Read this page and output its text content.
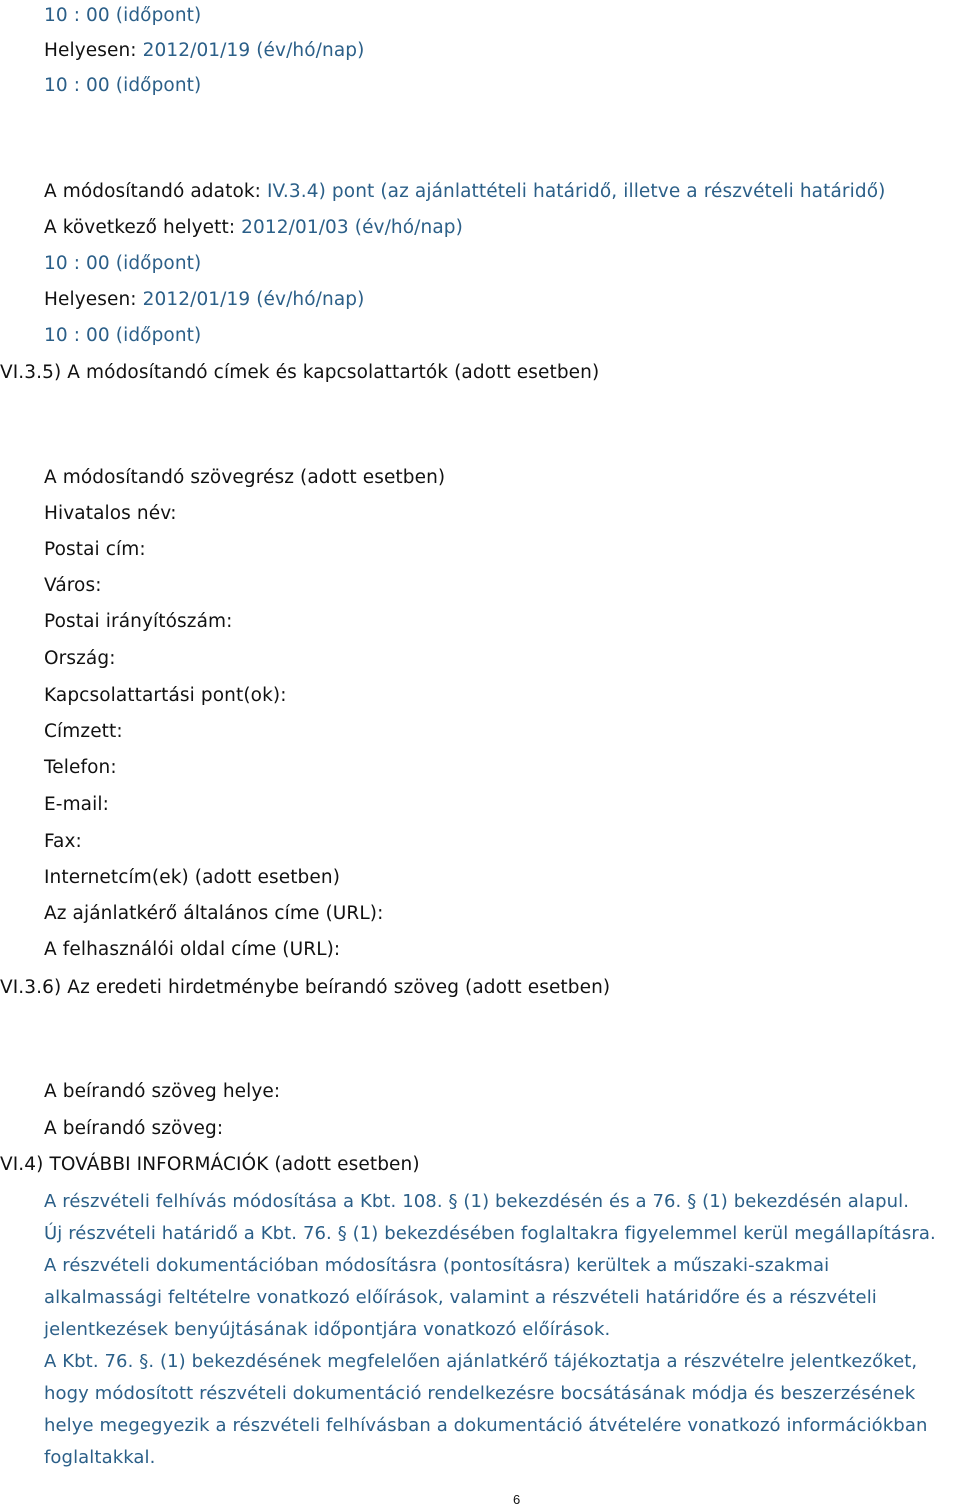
10 : 00 (időpont)
Helyesen: 2012/01/19 (év/hó/nap)
10 : 00 (időpont)
A módosítandó adatok: IV.3.4) pont (az ajánlattételi határidő, illetve a részvételi határidő)
A következő helyett: 2012/01/03 (év/hó/nap)
10 : 00 (időpont)
Helyesen: 2012/01/19 (év/hó/nap)
10 : 00 (időpont)
VI.3.5) A módosítandó címek és kapcsolattartók (adott esetben)
A módosítandó szövegrész (adott esetben)
Hivatalos név:
Postai cím:
Város:
Postai irányítószám:
Ország:
Kapcsolattartási pont(ok):
Címzett:
Telefon:
E-mail:
Fax:
Internetcím(ek) (adott esetben)
Az ajánlatkérő általános címe (URL):
A felhasználói oldal címe (URL):
VI.3.6) Az eredeti hirdetménybe beírandó szöveg (adott esetben)
A beírandó szöveg helye:
A beírandó szöveg:
VI.4) TOVÁBBI INFORMÁCIÓK (adott esetben)
A részvételi felhívás módosítása a Kbt. 108. § (1) bekezdésén és a 76. § (1) bekezdésén alapul.
Új részvételi határidő a Kbt. 76. § (1) bekezdésében foglaltakra figyelemmel kerül megállapításra.
A részvételi dokumentációban módosításra (pontosításra) kerültek a műszaki-szakmai
alkalmassági feltételre vonatkozó előírások, valamint a részvételi határidőre és a részvételi
jelentkezések benyújtásának időpontjára vonatkozó előírások.
A Kbt. 76. §. (1) bekezdésének megfelelően ajánlatkérő tájékoztatja a részvételre jelentkezőket,
hogy módosított részvételi dokumentáció rendelkezésre bocsátásának módja és beszerzésének
helye megegyezik a részvételi felhívásban a dokumentáció átvételére vonatkozó információkban
foglaltakkal.
6
